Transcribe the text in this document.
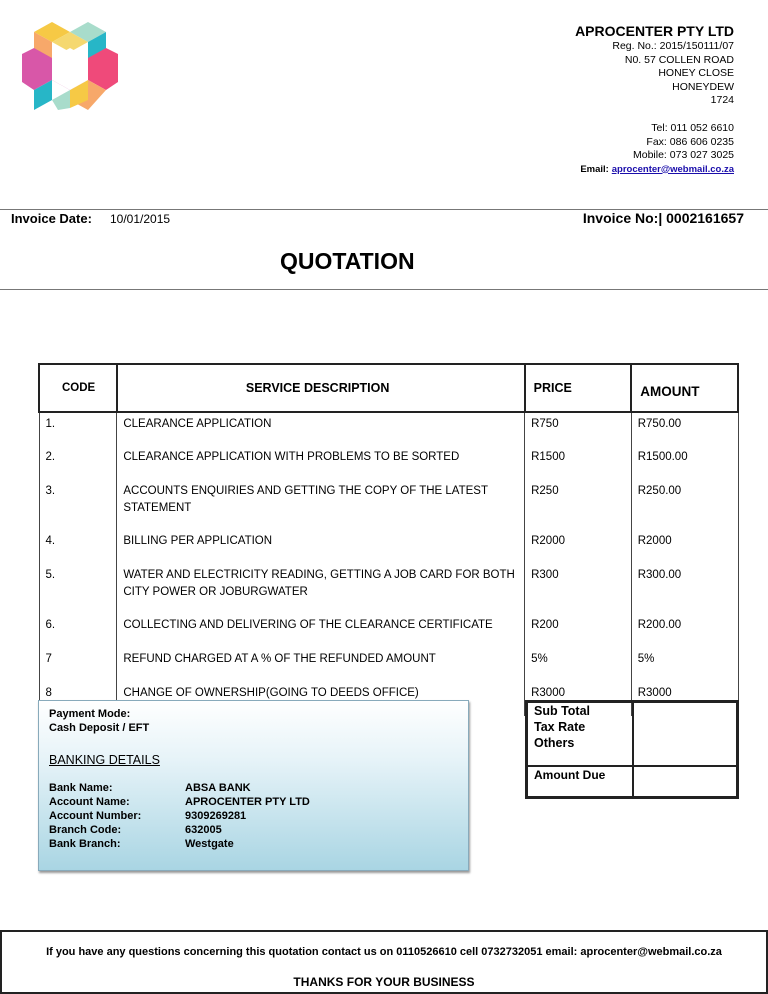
APROCENTER PTY LTD
Reg. No.: 2015/150111/07
N0. 57 COLLEN ROAD
HONEY CLOSE
HONEYDEW
1724
Tel: 011 052 6610
Fax: 086 606 0235
Mobile: 073 027 3025
Email: aprocenter@webmail.co.za
Invoice Date: 10/01/2015	Invoice No:| 0002161657
QUOTATION
CODE	SERVICE DESCRIPTION	PRICE	AMOUNT
1.	CLEARANCE APPLICATION	R750	R750.00
2.	CLEARANCE APPLICATION WITH PROBLEMS TO BE SORTED	R1500	R1500.00
3.	ACCOUNTS ENQUIRIES AND GETTING THE COPY OF THE LATEST STATEMENT	R250	R250.00
4.	BILLING PER APPLICATION	R2000	R2000
5.	WATER AND ELECTRICITY READING, GETTING A JOB CARD FOR BOTH CITY POWER OR JOBURGWATER	R300	R300.00
6.	COLLECTING AND DELIVERING OF THE CLEARANCE CERTIFICATE	R200	R200.00
7	REFUND CHARGED AT A % OF THE REFUNDED AMOUNT	5%	5%
8	CHANGE OF OWNERSHIP(GOING TO DEEDS OFFICE)	R3000	R3000
Payment Mode:
Cash Deposit / EFT
BANKING DETAILS
Bank Name:	ABSA BANK
Account Name:	APROCENTER PTY LTD
Account Number:	9309269281
Branch Code:	632005
Bank Branch:	Westgate
Sub Total
Tax Rate
Others
Amount Due
If you have any questions concerning this quotation contact us on 0110526610 cell 0732732051 email: aprocenter@webmail.co.za
THANKS FOR YOUR BUSINESS
